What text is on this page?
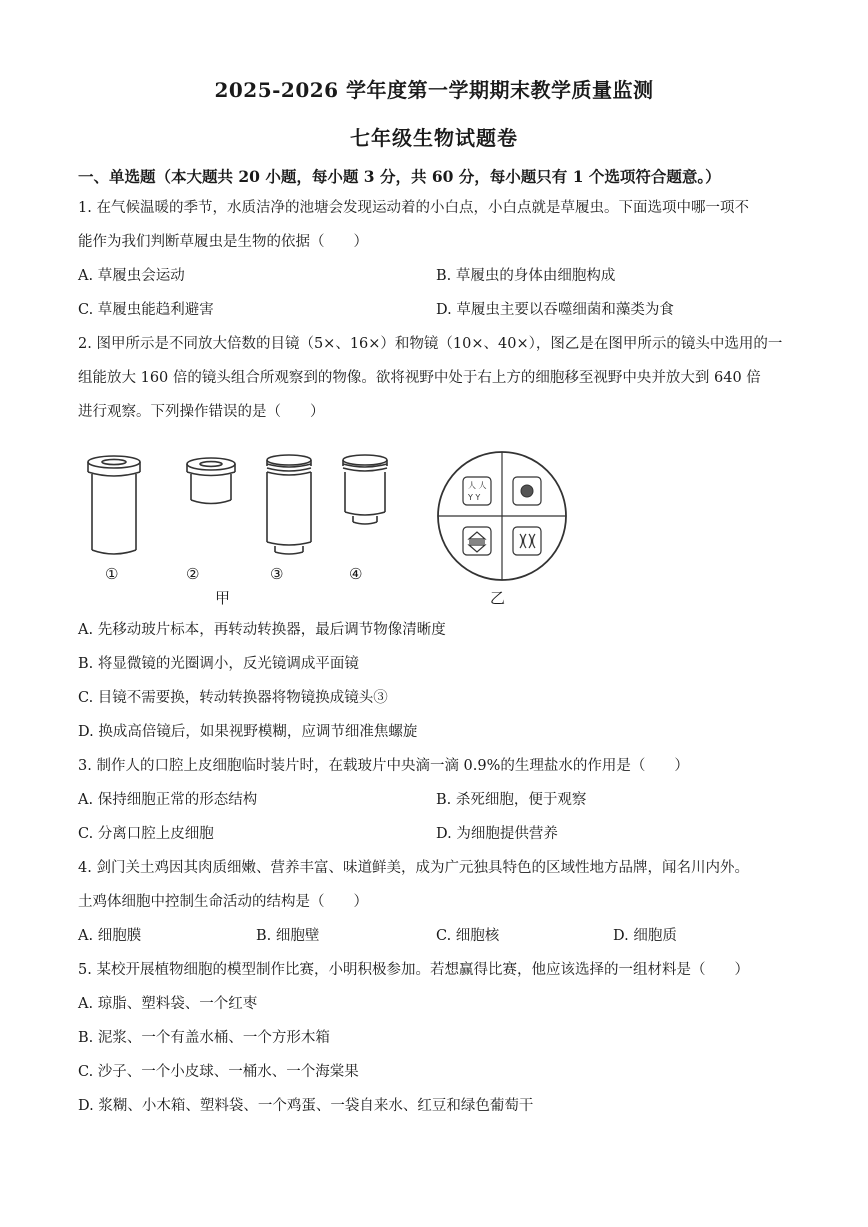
2025-2026 学年度第一学期期末教学质量监测
七年级生物试题卷
一、单选题（本大题共 20 小题，每小题 3 分，共 60 分，每小题只有 1 个选项符合题意。）
1. 在气候温暖的季节，水质洁净的池塘会发现运动着的小白点，小白点就是草履虫。下面选项中哪一项不
能作为我们判断草履虫是生物的依据（　　）
A. 草履虫会运动	B. 草履虫的身体由细胞构成
C. 草履虫能趋利避害	D. 草履虫主要以吞噬细菌和藻类为食
2. 图甲所示是不同放大倍数的目镜（5×、16×）和物镜（10×、40×），图乙是在图甲所示的镜头中选用的一
组能放大 160 倍的镜头组合所观察到的物像。欲将视野中处于右上方的细胞移至视野中央并放大到 640 倍
进行观察。下列操作错误的是（　　）
①	②	③	④
甲
人 人
Y Y
乙
A. 先移动玻片标本，再转动转换器，最后调节物像清晰度
B. 将显微镜的光圈调小，反光镜调成平面镜
C. 目镜不需要换，转动转换器将物镜换成镜头③
D. 换成高倍镜后，如果视野模糊，应调节细准焦螺旋
3. 制作人的口腔上皮细胞临时装片时，在载玻片中央滴一滴 0.9%的生理盐水的作用是（　　）
A. 保持细胞正常的形态结构	B. 杀死细胞，便于观察
C. 分离口腔上皮细胞	D. 为细胞提供营养
4. 剑门关土鸡因其肉质细嫩、营养丰富、味道鲜美，成为广元独具特色的区域性地方品牌，闻名川内外。
土鸡体细胞中控制生命活动的结构是（　　）
A. 细胞膜	B. 细胞壁	C. 细胞核	D. 细胞质
5. 某校开展植物细胞的模型制作比赛，小明积极参加。若想赢得比赛，他应该选择的一组材料是（　　）
A. 琼脂、塑料袋、一个红枣
B. 泥浆、一个有盖水桶、一个方形木箱
C. 沙子、一个小皮球、一桶水、一个海棠果
D. 浆糊、小木箱、塑料袋、一个鸡蛋、一袋自来水、红豆和绿色葡萄干
